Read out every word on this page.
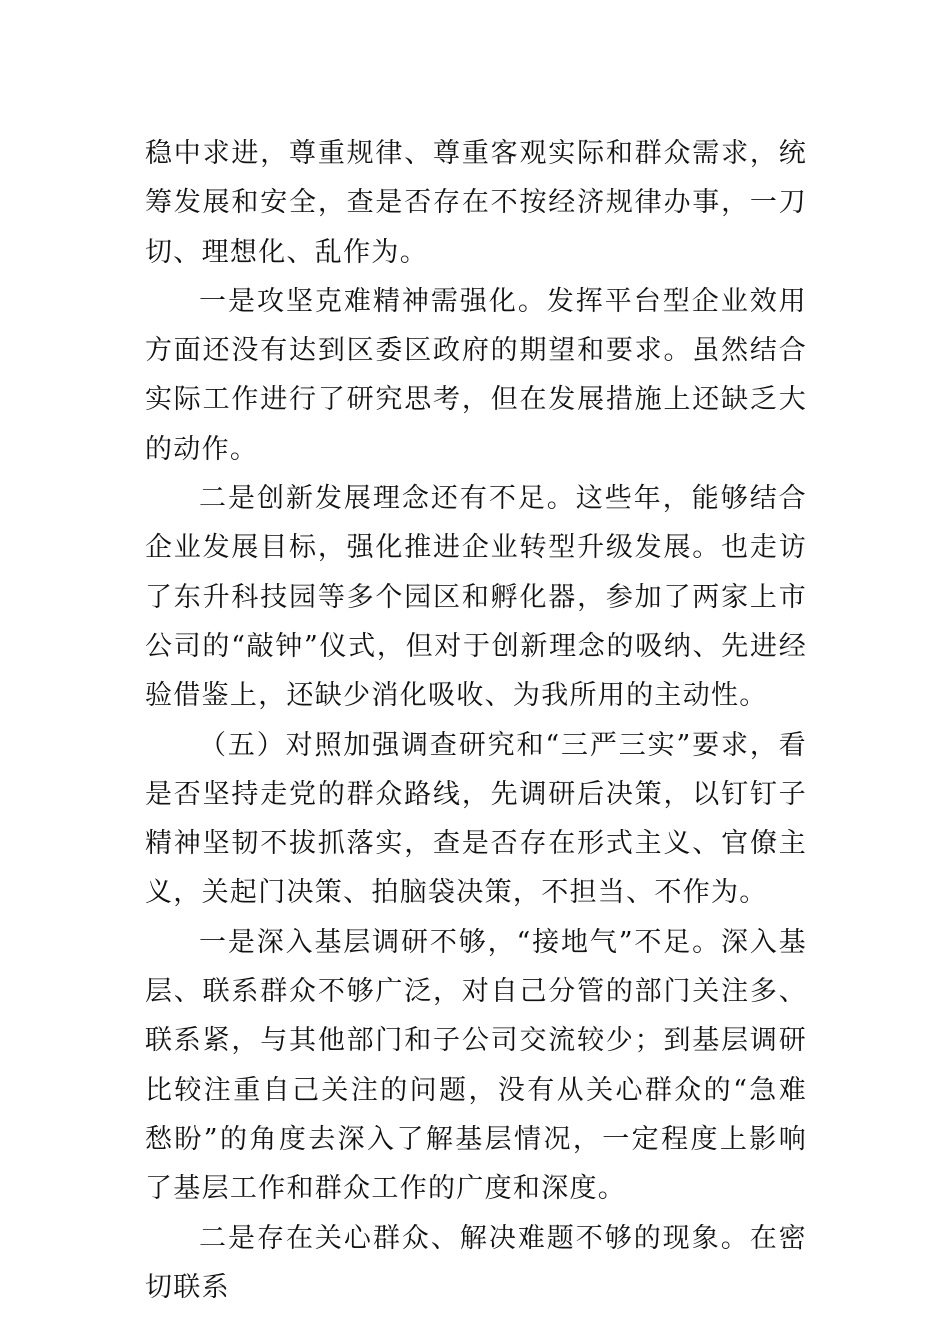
稳中求进，尊重规律、尊重客观实际和群众需求，统筹发展和安全，查是否存在不按经济规律办事，一刀切、理想化、乱作为。

一是攻坚克难精神需强化。发挥平台型企业效用方面还没有达到区委区政府的期望和要求。虽然结合实际工作进行了研究思考，但在发展措施上还缺乏大的动作。

二是创新发展理念还有不足。这些年，能够结合企业发展目标，强化推进企业转型升级发展。也走访了东升科技园等多个园区和孵化器，参加了两家上市公司的“敲钟”仪式，但对于创新理念的吸纳、先进经验借鉴上，还缺少消化吸收、为我所用的主动性。

（五）对照加强调查研究和“三严三实”要求，看是否坚持走党的群众路线，先调研后决策，以钉钉子精神坚韧不拔抓落实，查是否存在形式主义、官僚主义，关起门决策、拍脑袋决策，不担当、不作为。

一是深入基层调研不够，“接地气”不足。深入基层、联系群众不够广泛，对自己分管的部门关注多、联系紧，与其他部门和子公司交流较少；到基层调研比较注重自己关注的问题，没有从关心群众的“急难愁盼”的角度去深入了解基层情况，一定程度上影响了基层工作和群众工作的广度和深度。

二是存在关心群众、解决难题不够的现象。在密切联系
